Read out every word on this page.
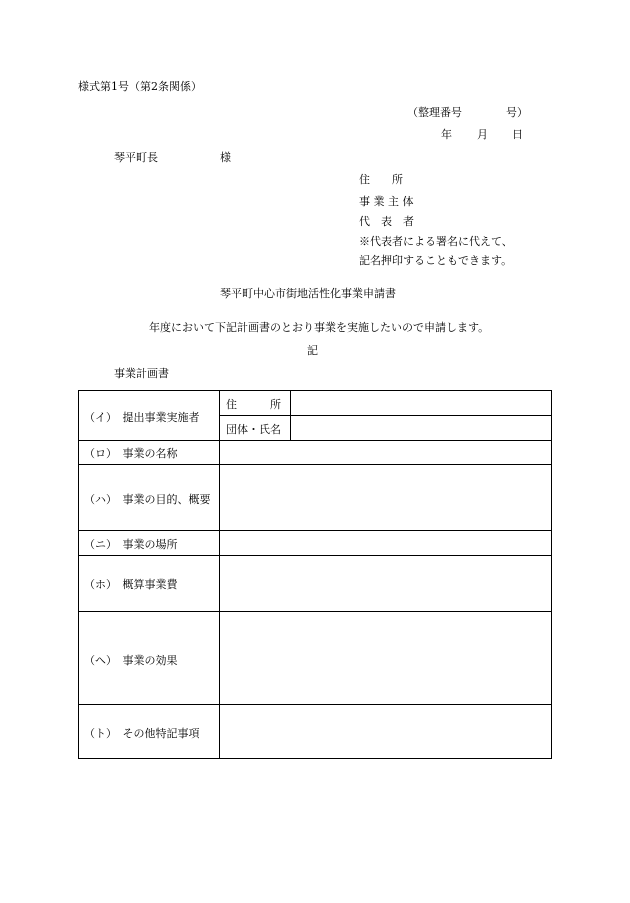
様式第1号（第2条関係）
（整理番号	号）
年 月 日
琴平町長	様
住　　所
事 業 主 体
代　表　者
※代表者による署名に代えて、
記名押印することもできます。
琴平町中心市街地活性化事業申請書
年度において下記計画書のとおり事業を実施したいので申請します。
記
事業計画書
（イ）　提出事業実施者
住　　　所
団体・氏名
（ロ）　事業の名称
（ハ）　事業の目的、概要
（ニ）　事業の場所
（ホ）　概算事業費
（ヘ）　事業の効果
（ト）　その他特記事項
